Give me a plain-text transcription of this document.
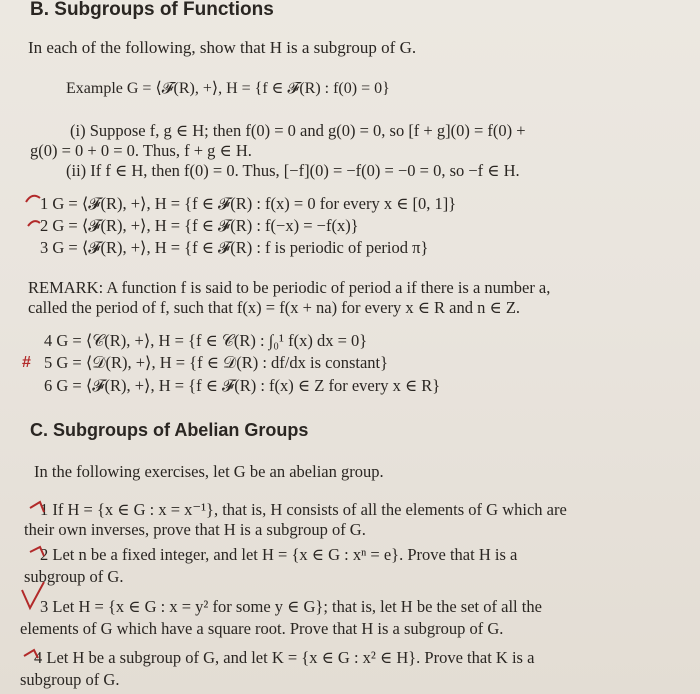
B. Subgroups of Functions
In each of the following, show that H is a subgroup of G.
Example G = ⟨𝓕(R), +⟩, H = {f ∈ 𝓕(R) : f(0) = 0}
(i) Suppose f, g ∈ H; then f(0) = 0 and g(0) = 0, so [f + g](0) = f(0) +
g(0) = 0 + 0 = 0. Thus, f + g ∈ H.
(ii) If f ∈ H, then f(0) = 0. Thus, [−f](0) = −f(0) = −0 = 0, so −f ∈ H.
1 G = ⟨𝓕(R), +⟩, H = {f ∈ 𝓕(R) : f(x) = 0 for every x ∈ [0, 1]}
2 G = ⟨𝓕(R), +⟩, H = {f ∈ 𝓕(R) : f(−x) = −f(x)}
3 G = ⟨𝓕(R), +⟩, H = {f ∈ 𝓕(R) : f is periodic of period π}
REMARK: A function f is said to be periodic of period a if there is a number a,
called the period of f, such that f(x) = f(x + na) for every x ∈ R and n ∈ Z.
4 G = ⟨𝒞(R), +⟩, H = {f ∈ 𝒞(R) : ∫₀¹ f(x) dx = 0}
5 G = ⟨𝒟(R), +⟩, H = {f ∈ 𝒟(R) : df/dx is constant}
6 G = ⟨𝓕(R), +⟩, H = {f ∈ 𝓕(R) : f(x) ∈ Z for every x ∈ R}
C. Subgroups of Abelian Groups
In the following exercises, let G be an abelian group.
1 If H = {x ∈ G : x = x⁻¹}, that is, H consists of all the elements of G which are
their own inverses, prove that H is a subgroup of G.
2 Let n be a fixed integer, and let H = {x ∈ G : xⁿ = e}. Prove that H is a
subgroup of G.
3 Let H = {x ∈ G : x = y² for some y ∈ G}; that is, let H be the set of all the
elements of G which have a square root. Prove that H is a subgroup of G.
4 Let H be a subgroup of G, and let K = {x ∈ G : x² ∈ H}. Prove that K is a
subgroup of G.
#
